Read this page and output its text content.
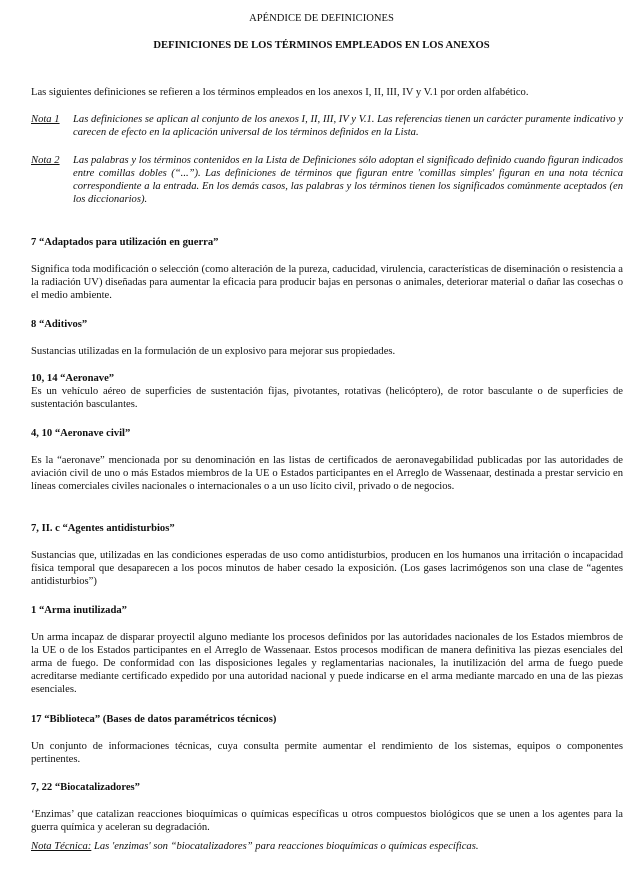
APÉNDICE DE DEFINICIONES
DEFINICIONES DE LOS TÉRMINOS EMPLEADOS EN LOS ANEXOS
Las siguientes definiciones se refieren a los términos empleados en los anexos I, II, III, IV y V.1 por orden alfabético.
Nota 1	Las definiciones se aplican al conjunto de los anexos I, II, III, IV y V.1. Las referencias tienen un carácter puramente indicativo y carecen de efecto en la aplicación universal de los términos definidos en la Lista.
Nota 2	Las palabras y los términos contenidos en la Lista de Definiciones sólo adoptan el significado definido cuando figuran indicados entre comillas dobles (“...”). Las definiciones de términos que figuran entre 'comillas simples' figuran en una nota técnica correspondiente a la entrada. En los demás casos, las palabras y los términos tienen los significados comúnmente aceptados (en los diccionarios).
7 “Adaptados para utilización en guerra”
Significa toda modificación o selección (como alteración de la pureza, caducidad, virulencia, características de diseminación o resistencia a la radiación UV) diseñadas para aumentar la eficacia para producir bajas en personas o animales, deteriorar material o dañar las cosechas o el medio ambiente.
8 “Aditivos”
Sustancias utilizadas en la formulación de un explosivo para mejorar sus propiedades.
10, 14 “Aeronave”
Es un vehículo aéreo de superficies de sustentación fijas, pivotantes, rotativas (helicóptero), de rotor basculante o de superficies de sustentación basculantes.
4, 10 “Aeronave civil”
Es la “aeronave” mencionada por su denominación en las listas de certificados de aeronavegabilidad publicadas por las autoridades de aviación civil de uno o más Estados miembros de la UE o Estados participantes en el Arreglo de Wassenaar, destinada a prestar servicio en líneas comerciales civiles nacionales o internacionales o a un uso lícito civil, privado o de negocios.
7, II. c “Agentes antidisturbios”
Sustancias que, utilizadas en las condiciones esperadas de uso como antidisturbios, producen en los humanos una irritación o incapacidad física temporal que desaparecen a los pocos minutos de haber cesado la exposición. (Los gases lacrimógenos son una clase de “agentes antidisturbios”)
1 “Arma inutilizada”
Un arma incapaz de disparar proyectil alguno mediante los procesos definidos por las autoridades nacionales de los Estados miembros de la UE o de los Estados participantes en el Arreglo de Wassenaar. Estos procesos modifican de manera definitiva las piezas esenciales del arma de fuego. De conformidad con las disposiciones legales y reglamentarias nacionales, la inutilización del arma de fuego puede acreditarse mediante certificado expedido por una autoridad nacional y puede indicarse en el arma mediante marcado en una de las piezas esenciales.
17 “Biblioteca” (Bases de datos paramétricos técnicos)
Un conjunto de informaciones técnicas, cuya consulta permite aumentar el rendimiento de los sistemas, equipos o componentes pertinentes.
7, 22 “Biocatalizadores”
‘Enzimas’ que catalizan reacciones bioquímicas o químicas específicas u otros compuestos biológicos que se unen a los agentes para la guerra química y aceleran su degradación.
Nota Técnica: Las 'enzimas' son “biocatalizadores” para reacciones bioquímicas o químicas específicas.
